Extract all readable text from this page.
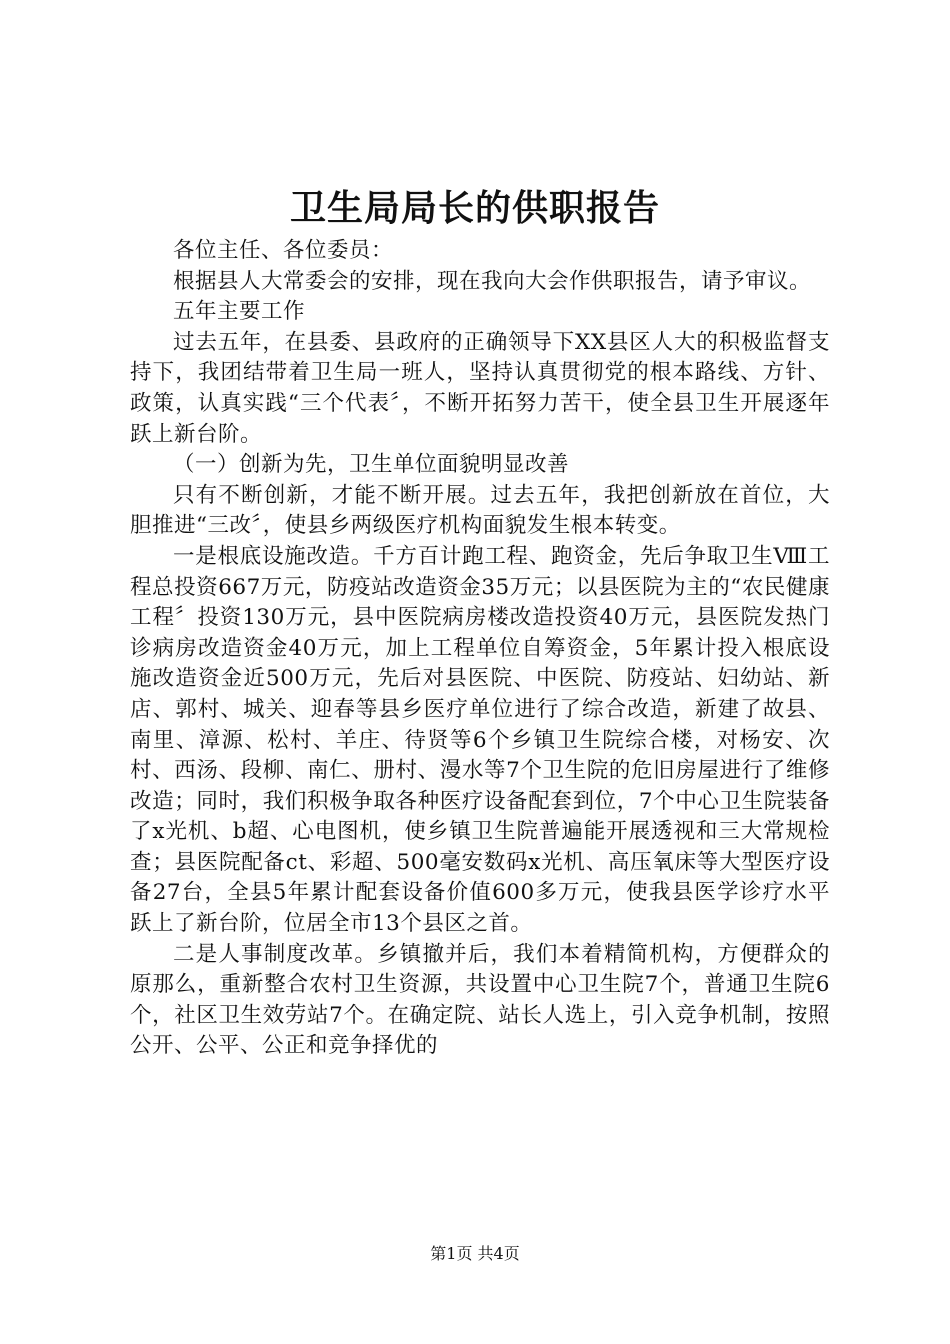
卫生局局长的供职报告

各位主任、各位委员：

根据县人大常委会的安排，现在我向大会作供职报告，请予审议。

五年主要工作

过去五年，在县委、县政府的正确领导下XX县区人大的积极监督支持下，我团结带着卫生局一班人，坚持认真贯彻党的根本路线、方针、政策，认真实践“三个代表〞，不断开拓努力苦干，使全县卫生开展逐年跃上新台阶。

（一）创新为先，卫生单位面貌明显改善

只有不断创新，才能不断开展。过去五年，我把创新放在首位，大胆推进“三改〞，使县乡两级医疗机构面貌发生根本转变。

一是根底设施改造。千方百计跑工程、跑资金，先后争取卫生Ⅷ工程总投资667万元，防疫站改造资金35万元；以县医院为主的“农民健康工程〞投资130万元，县中医院病房楼改造投资40万元，县医院发热门诊病房改造资金40万元，加上工程单位自筹资金，5年累计投入根底设施改造资金近500万元，先后对县医院、中医院、防疫站、妇幼站、新店、郭村、城关、迎春等县乡医疗单位进行了综合改造，新建了故县、南里、漳源、松村、羊庄、待贤等6个乡镇卫生院综合楼，对杨安、次村、西汤、段柳、南仁、册村、漫水等7个卫生院的危旧房屋进行了维修改造；同时，我们积极争取各种医疗设备配套到位，7个中心卫生院装备了x光机、b超、心电图机，使乡镇卫生院普遍能开展透视和三大常规检查；县医院配备ct、彩超、500毫安数码x光机、高压氧床等大型医疗设备27台，全县5年累计配套设备价值600多万元，使我县医学诊疗水平跃上了新台阶，位居全市13个县区之首。

二是人事制度改革。乡镇撤并后，我们本着精简机构，方便群众的原那么，重新整合农村卫生资源，共设置中心卫生院7个，普通卫生院6个，社区卫生效劳站7个。在确定院、站长人选上，引入竞争机制，按照公开、公平、公正和竞争择优的

第1页 共4页
